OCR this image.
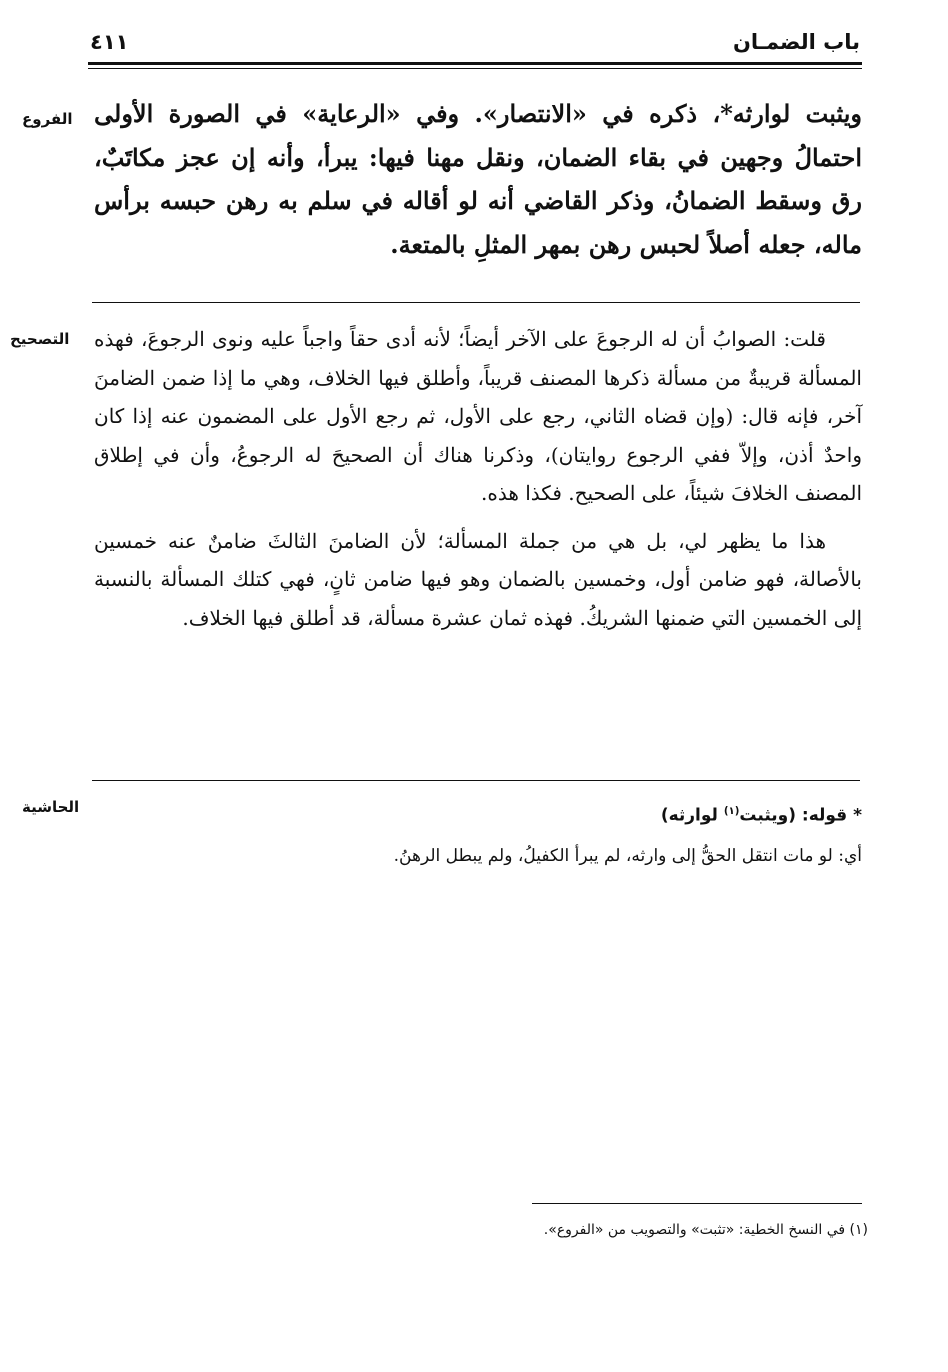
باب الضمـان
٤١١
الفروع
التصحيح
الحاشية

ويثبت لوارثه*، ذكره في «الانتصار». وفي «الرعاية» في الصورة الأولى احتمالُ وجهين في بقاء الضمان، ونقل مهنا فيها: يبرأ، وأنه إن عجز مكاتَبٌ، رق وسقط الضمانُ، وذكر القاضي أنه لو أقاله في سلم به رهن حبسه برأس ماله، جعله أصلاً لحبس رهن بمهر المثلِ بالمتعة.

قلت: الصوابُ أن له الرجوعَ على الآخر أيضاً؛ لأنه أدى حقاً واجباً عليه ونوى الرجوعَ، فهذه المسألة قريبةٌ من مسألة ذكرها المصنف قريباً، وأطلق فيها الخلاف، وهي ما إذا ضمن الضامنَ آخر، فإنه قال: (وإن قضاه الثاني، رجع على الأول، ثم رجع الأول على المضمون عنه إذا كان واحدٌ أذن، وإلاّ ففي الرجوع روايتان)، وذكرنا هناك أن الصحيحَ له الرجوعُ، وأن في إطلاق المصنف الخلافَ شيئاً، على الصحيح. فكذا هذه.

هذا ما يظهر لي، بل هي من جملة المسألة؛ لأن الضامنَ الثالثَ ضامنٌ عنه خمسين بالأصالة، فهو ضامن أول، وخمسين بالضمان وهو فيها ضامن ثانٍ، فهي كتلك المسألة بالنسبة إلى الخمسين التي ضمنها الشريكُ. فهذه ثمان عشرة مسألة، قد أطلق فيها الخلاف.

* قوله: (ويثبت$^{(١)}$ لوارثه)

أي: لو مات انتقل الحقُّ إلى وارثه، لم يبرأ الكفيلُ، ولم يبطل الرهنُ.

(١) في النسخ الخطية: «تثبت» والتصويب من «الفروع».
